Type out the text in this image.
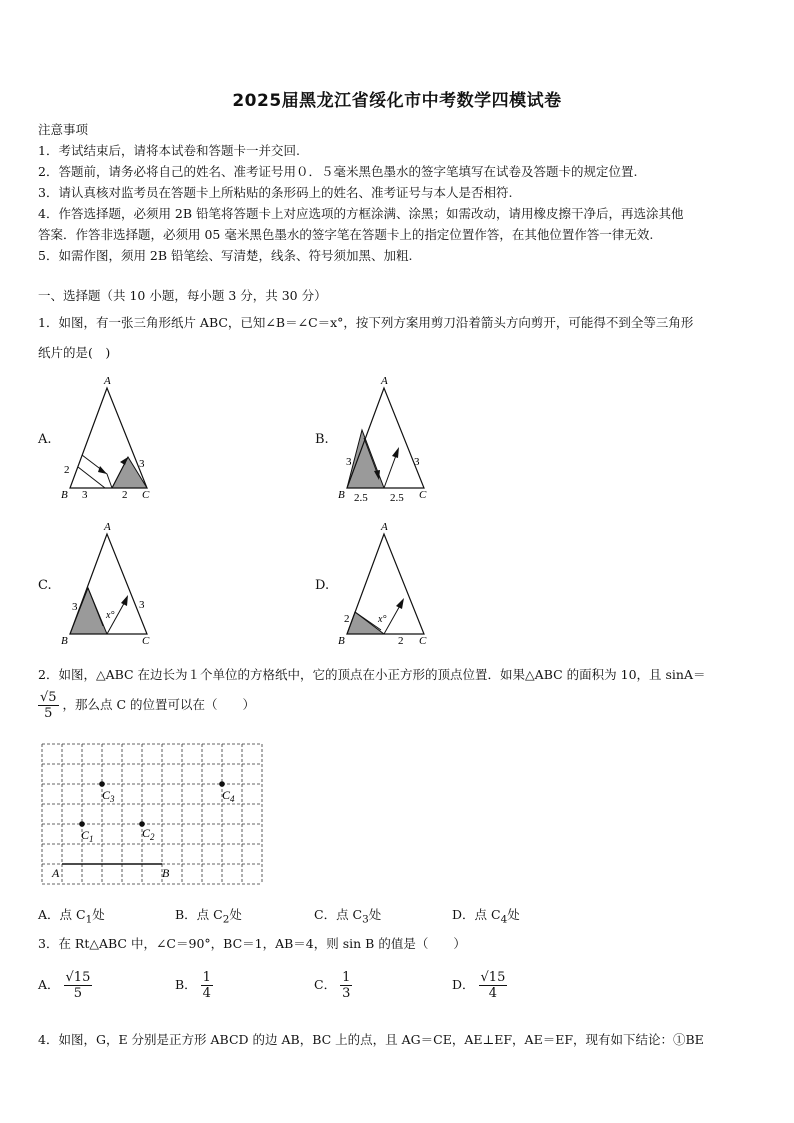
2025届黑龙江省绥化市中考数学四模试卷
注意事项
1．考试结束后，请将本试卷和答题卡一并交回.
2．答题前，请务必将自己的姓名、准考证号用０．５毫米黑色墨水的签字笔填写在试卷及答题卡的规定位置.
3．请认真核对监考员在答题卡上所粘贴的条形码上的姓名、准考证号与本人是否相符.
4．作答选择题，必须用 2B 铅笔将答题卡上对应选项的方框涂满、涂黑；如需改动，请用橡皮擦干净后，再选涂其他
答案．作答非选择题，必须用 05 毫米黑色墨水的签字笔在答题卡上的指定位置作答，在其他位置作答一律无效.
5．如需作图，须用 2B 铅笔绘、写清楚，线条、符号须加黑、加粗.
一、选择题（共 10 小题，每小题 3 分，共 30 分）
1．如图，有一张三角形纸片 ABC，已知∠B＝∠C＝x°，按下列方案用剪刀沿着箭头方向剪开，可能得不到全等三角形
纸片的是(　)
A.	B.
C.	D.
A
B	C
2
3	2
3
A
B	C
3
2.5 2.5
3
A
B	C
3	3
x°
A
B	C
2
2
x°
2．如图，△ABC 在边长为１个单位的方格纸中，它的顶点在小正方形的顶点位置．如果△ABC 的面积为 10，且 sinA＝
$\frac{√5}{5}$ ，那么点 C 的位置可以在（　　）
A	B
$C_3$	$C_4$
$C_1$	$C_2$
A．点 $C_1$处	B．点 $C_2$处	C．点 $C_3$处	D．点 $C_4$处
3．在 Rt△ABC 中，∠C＝90°，BC＝1，AB＝4，则 sin B 的值是（　　）
A． $\frac{√15}{5}$	B． $\frac{1}{4}$	C． $\frac{1}{3}$	D． $\frac{√15}{4}$
4．如图，G，E 分别是正方形 ABCD 的边 AB，BC 上的点，且 AG＝CE，AE⊥EF，AE＝EF，现有如下结论：①BE
